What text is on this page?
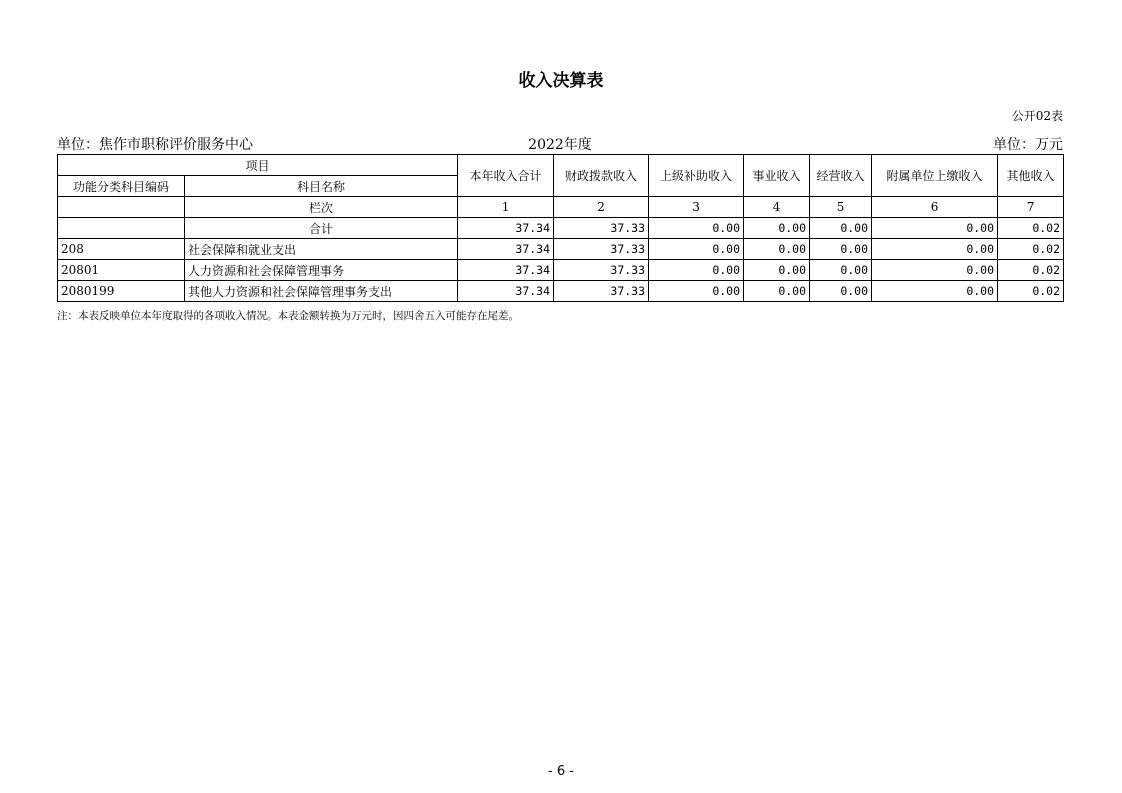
收入决算表
公开02表
单位：焦作市职称评价服务中心	2022年度	单位：万元
项目		本年收入合计	财政拨款收入	上级补助收入	事业收入	经营收入	附属单位上缴收入	其他收入
功能分类科目编码	科目名称							
	栏次	1	2	3	4	5	6	7
	合计	37.34	37.33	0.00	0.00	0.00	0.00	0.02
208	社会保障和就业支出	37.34	37.33	0.00	0.00	0.00	0.00	0.02
20801	人力资源和社会保障管理事务	37.34	37.33	0.00	0.00	0.00	0.00	0.02
2080199	其他人力资源和社会保障管理事务支出	37.34	37.33	0.00	0.00	0.00	0.00	0.02
注：本表反映单位本年度取得的各项收入情况。本表金额转换为万元时，因四舍五入可能存在尾差。
- 6 -
